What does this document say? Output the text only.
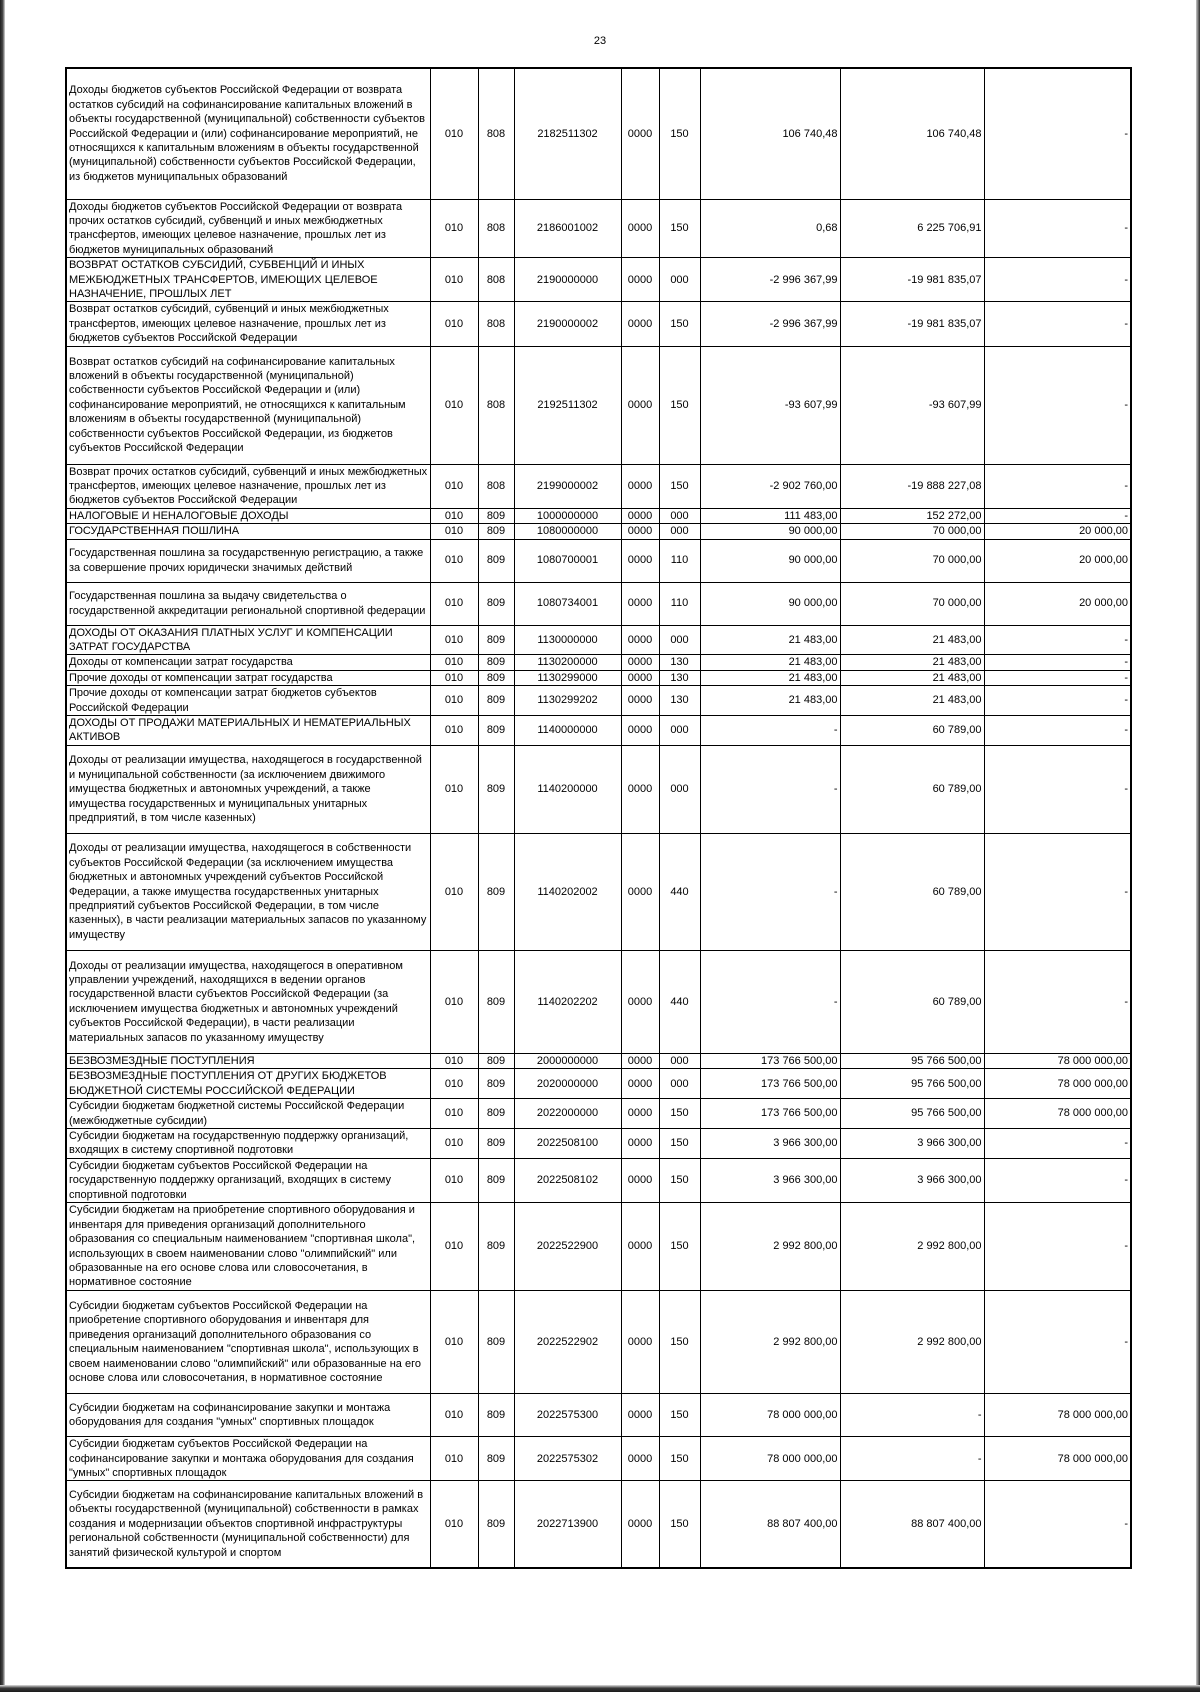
23
Доходы бюджетов субъектов Российской Федерации от возврата остатков субсидий на софинансирование капитальных вложений в объекты государственной (муниципальной) собственности субъектов Российской Федерации и (или) софинансирование мероприятий, не относящихся к капитальным вложениям в объекты государственной (муниципальной) собственности субъектов Российской Федерации, из бюджетов муниципальных образований	010	808	2182511302	0000	150	106 740,48	106 740,48	-
Доходы бюджетов субъектов Российской Федерации от возврата прочих остатков субсидий, субвенций и иных межбюджетных трансфертов, имеющих целевое назначение, прошлых лет из бюджетов муниципальных образований	010	808	2186001002	0000	150	0,68	6 225 706,91	-
ВОЗВРАТ ОСТАТКОВ СУБСИДИЙ, СУБВЕНЦИЙ И ИНЫХ МЕЖБЮДЖЕТНЫХ ТРАНСФЕРТОВ, ИМЕЮЩИХ ЦЕЛЕВОЕ НАЗНАЧЕНИЕ, ПРОШЛЫХ ЛЕТ	010	808	2190000000	0000	000	-2 996 367,99	-19 981 835,07	-
Возврат остатков субсидий, субвенций и иных межбюджетных трансфертов, имеющих целевое назначение, прошлых лет из бюджетов субъектов Российской Федерации	010	808	2190000002	0000	150	-2 996 367,99	-19 981 835,07	-
Возврат остатков субсидий на софинансирование капитальных вложений в объекты государственной (муниципальной) собственности субъектов Российской Федерации и (или) софинансирование мероприятий, не относящихся к капитальным вложениям в объекты государственной (муниципальной) собственности субъектов Российской Федерации, из бюджетов субъектов Российской Федерации	010	808	2192511302	0000	150	-93 607,99	-93 607,99	-
Возврат прочих остатков субсидий, субвенций и иных межбюджетных трансфертов, имеющих целевое назначение, прошлых лет из бюджетов субъектов Российской Федерации	010	808	2199000002	0000	150	-2 902 760,00	-19 888 227,08	-
НАЛОГОВЫЕ И НЕНАЛОГОВЫЕ ДОХОДЫ	010	809	1000000000	0000	000	111 483,00	152 272,00	-
ГОСУДАРСТВЕННАЯ ПОШЛИНА	010	809	1080000000	0000	000	90 000,00	70 000,00	20 000,00
Государственная пошлина за государственную регистрацию, а также за совершение прочих юридически значимых действий	010	809	1080700001	0000	110	90 000,00	70 000,00	20 000,00
Государственная пошлина за выдачу свидетельства о государственной аккредитации региональной спортивной федерации	010	809	1080734001	0000	110	90 000,00	70 000,00	20 000,00
ДОХОДЫ ОТ ОКАЗАНИЯ ПЛАТНЫХ УСЛУГ И КОМПЕНСАЦИИ ЗАТРАТ ГОСУДАРСТВА	010	809	1130000000	0000	000	21 483,00	21 483,00	-
Доходы от компенсации затрат государства	010	809	1130200000	0000	130	21 483,00	21 483,00	-
Прочие доходы от компенсации затрат государства	010	809	1130299000	0000	130	21 483,00	21 483,00	-
Прочие доходы от компенсации затрат бюджетов субъектов Российской Федерации	010	809	1130299202	0000	130	21 483,00	21 483,00	-
ДОХОДЫ ОТ ПРОДАЖИ МАТЕРИАЛЬНЫХ И НЕМАТЕРИАЛЬНЫХ АКТИВОВ	010	809	1140000000	0000	000	-	60 789,00	-
Доходы от реализации имущества, находящегося в государственной и муниципальной собственности (за исключением движимого имущества бюджетных и автономных учреждений, а также имущества государственных и муниципальных унитарных предприятий, в том числе казенных)	010	809	1140200000	0000	000	-	60 789,00	-
Доходы от реализации имущества, находящегося в собственности субъектов Российской Федерации (за исключением имущества бюджетных и автономных учреждений субъектов Российской Федерации, а также имущества государственных унитарных предприятий субъектов Российской Федерации, в том числе казенных), в части реализации материальных запасов по указанному имуществу	010	809	1140202002	0000	440	-	60 789,00	-
Доходы от реализации имущества, находящегося в оперативном управлении учреждений, находящихся в ведении органов государственной власти субъектов Российской Федерации (за исключением имущества бюджетных и автономных учреждений субъектов Российской Федерации), в части реализации материальных запасов по указанному имуществу	010	809	1140202202	0000	440	-	60 789,00	-
БЕЗВОЗМЕЗДНЫЕ ПОСТУПЛЕНИЯ	010	809	2000000000	0000	000	173 766 500,00	95 766 500,00	78 000 000,00
БЕЗВОЗМЕЗДНЫЕ ПОСТУПЛЕНИЯ ОТ ДРУГИХ БЮДЖЕТОВ БЮДЖЕТНОЙ СИСТЕМЫ РОССИЙСКОЙ ФЕДЕРАЦИИ	010	809	2020000000	0000	000	173 766 500,00	95 766 500,00	78 000 000,00
Субсидии бюджетам бюджетной системы Российской Федерации (межбюджетные субсидии)	010	809	2022000000	0000	150	173 766 500,00	95 766 500,00	78 000 000,00
Субсидии бюджетам на государственную поддержку организаций, входящих в систему спортивной подготовки	010	809	2022508100	0000	150	3 966 300,00	3 966 300,00	-
Субсидии бюджетам субъектов Российской Федерации на государственную поддержку организаций, входящих в систему спортивной подготовки	010	809	2022508102	0000	150	3 966 300,00	3 966 300,00	-
Субсидии бюджетам на приобретение спортивного оборудования и инвентаря для приведения организаций дополнительного образования со специальным наименованием "спортивная школа", использующих в своем наименовании слово "олимпийский" или образованные на его основе слова или словосочетания, в нормативное состояние	010	809	2022522900	0000	150	2 992 800,00	2 992 800,00	-
Субсидии бюджетам субъектов Российской Федерации на приобретение спортивного оборудования и инвентаря для приведения организаций дополнительного образования со специальным наименованием "спортивная школа", использующих в своем наименовании слово "олимпийский" или образованные на его основе слова или словосочетания, в нормативное состояние	010	809	2022522902	0000	150	2 992 800,00	2 992 800,00	-
Субсидии бюджетам на софинансирование закупки и монтажа оборудования для создания "умных" спортивных площадок	010	809	2022575300	0000	150	78 000 000,00	-	78 000 000,00
Субсидии бюджетам субъектов Российской Федерации на софинансирование закупки и монтажа оборудования для создания "умных" спортивных площадок	010	809	2022575302	0000	150	78 000 000,00	-	78 000 000,00
Субсидии бюджетам на софинансирование капитальных вложений в объекты государственной (муниципальной) собственности в рамках создания и модернизации объектов спортивной инфраструктуры региональной собственности (муниципальной собственности) для занятий физической культурой и спортом	010	809	2022713900	0000	150	88 807 400,00	88 807 400,00	-
